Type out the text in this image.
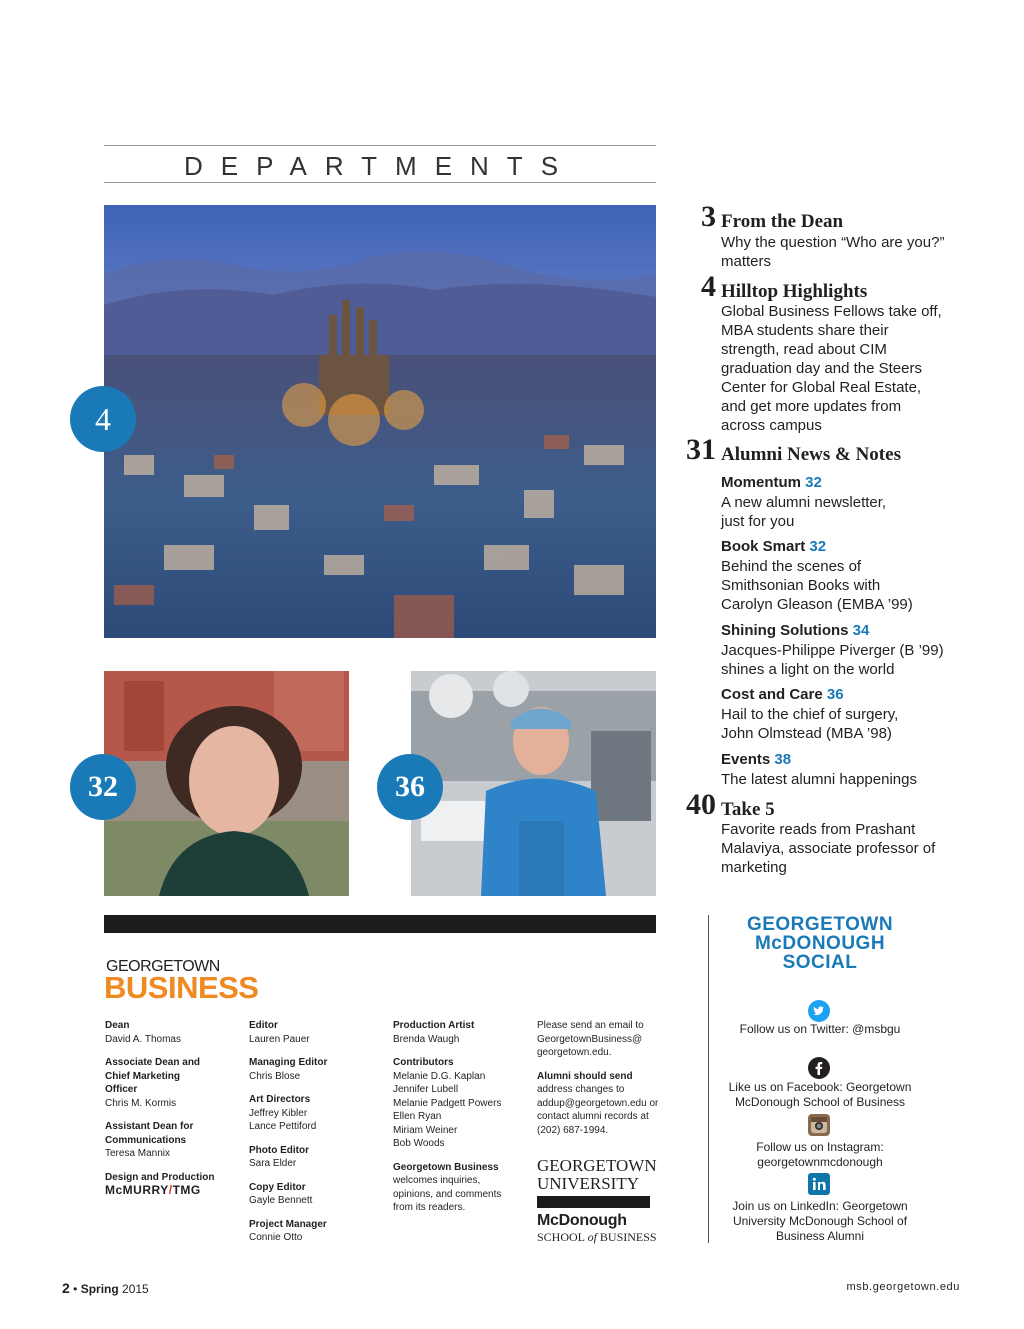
DEPARTMENTS
4
32	36
3 From the Dean
Why the question “Who are you?” matters
4 Hilltop Highlights
Global Business Fellows take off, MBA students share their strength, read about CIM graduation day and the Steers Center for Global Real Estate, and get more updates from across campus
31 Alumni News & Notes
Momentum 32
A new alumni newsletter, just for you
Book Smart 32
Behind the scenes of Smithsonian Books with Carolyn Gleason (EMBA ’99)
Shining Solutions 34
Jacques-Philippe Piverger (B ’99) shines a light on the world
Cost and Care 36
Hail to the chief of surgery, John Olmstead (MBA ’98)
Events 38
The latest alumni happenings
40 Take 5
Favorite reads from Prashant Malaviya, associate professor of marketing
GEORGETOWN
BUSINESS
Dean
David A. Thomas
Associate Dean and Chief Marketing Officer
Chris M. Kormis
Assistant Dean for Communications
Teresa Mannix
Design and Production
McMURRY/TMG
Editor
Lauren Pauer
Managing Editor
Chris Blose
Art Directors
Jeffrey Kibler
Lance Pettiford
Photo Editor
Sara Elder
Copy Editor
Gayle Bennett
Project Manager
Connie Otto
Production Artist
Brenda Waugh
Contributors
Melanie D.G. Kaplan
Jennifer Lubell
Melanie Padgett Powers
Ellen Ryan
Miriam Weiner
Bob Woods
Georgetown Business
welcomes inquiries, opinions, and comments from its readers.
Please send an email to GeorgetownBusiness@ georgetown.edu.
Alumni should send
address changes to addup@georgetown.edu or contact alumni records at (202) 687-1994.
GEORGETOWN
UNIVERSITY
McDonough
SCHOOL of BUSINESS
GEORGETOWN McDONOUGH SOCIAL
Follow us on Twitter: @msbgu
Like us on Facebook: Georgetown McDonough School of Business
Follow us on Instagram: georgetownmcdonough
Join us on LinkedIn: Georgetown University McDonough School of Business Alumni
2 • Spring 2015	msb.georgetown.edu
